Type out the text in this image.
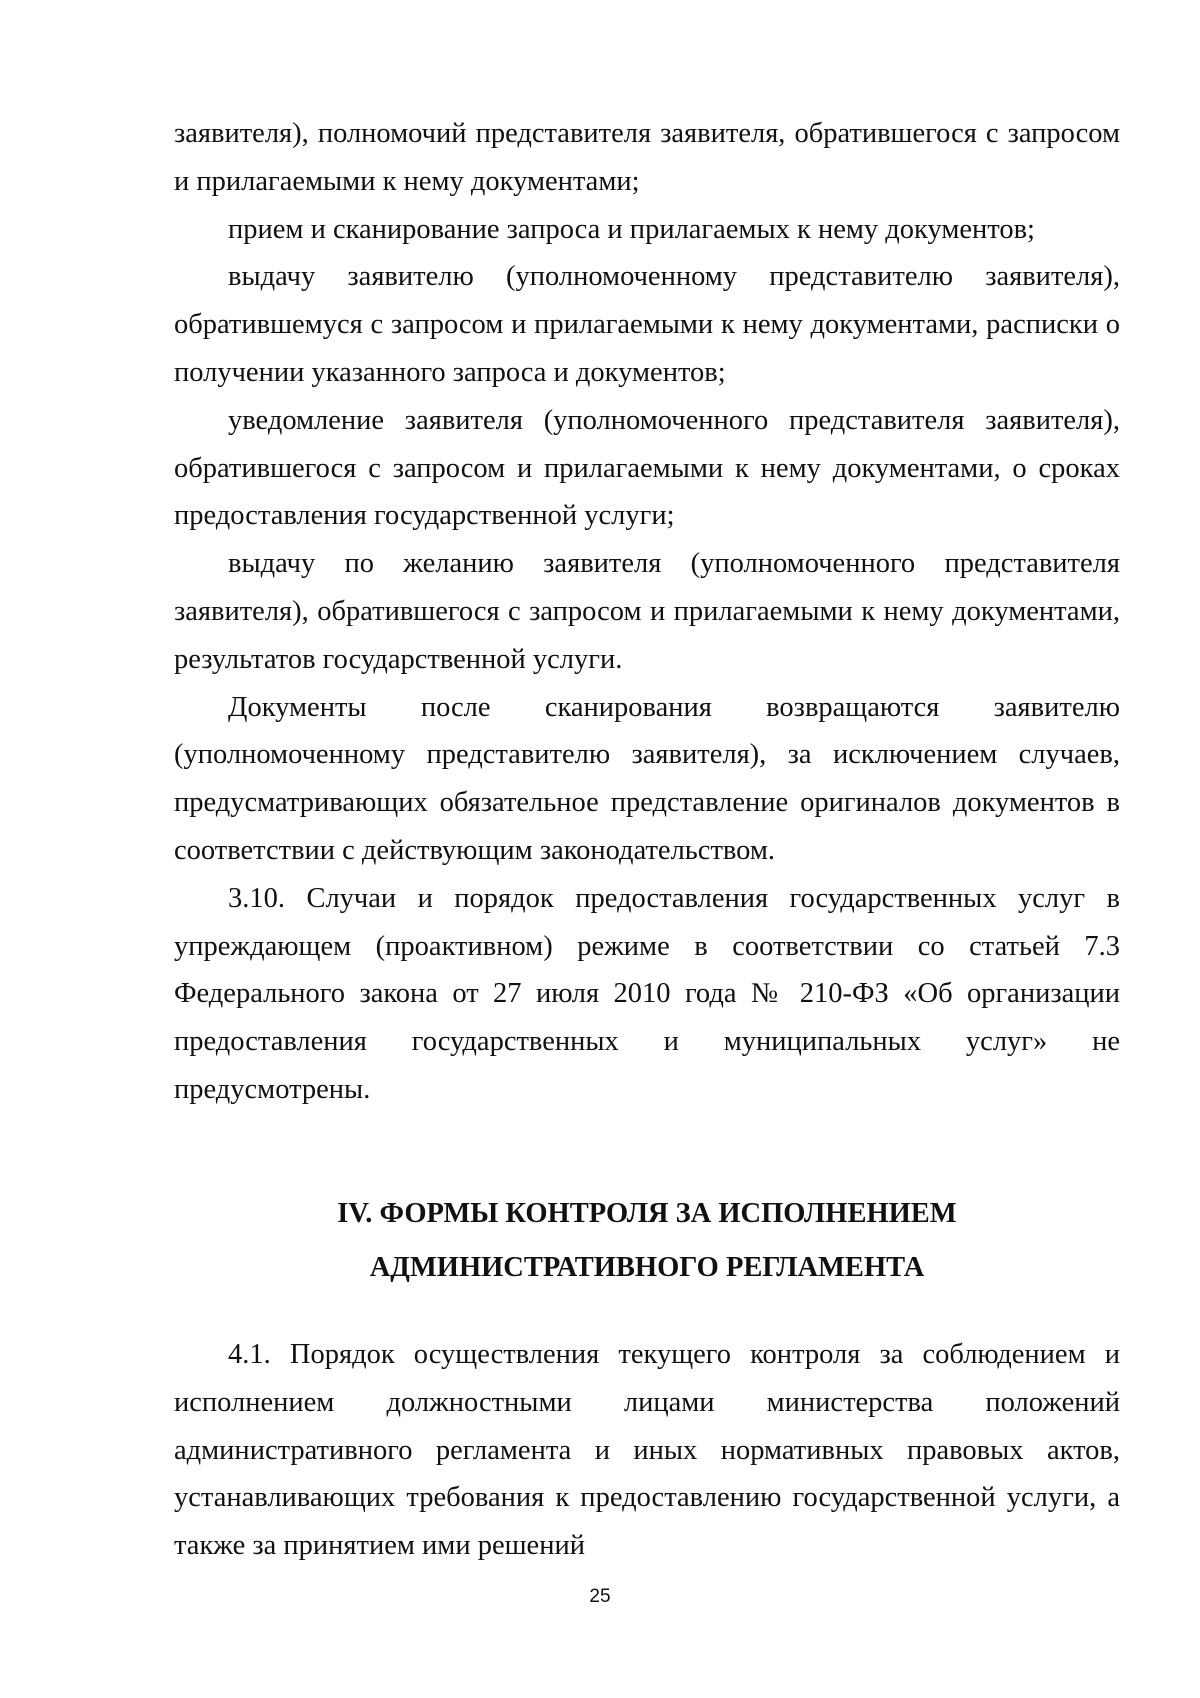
заявителя), полномочий представителя заявителя, обратившегося с запросом и прилагаемыми к нему документами;

прием и сканирование запроса и прилагаемых к нему документов;

выдачу заявителю (уполномоченному представителю заявителя), обратившемуся с запросом и прилагаемыми к нему документами, расписки о получении указанного запроса и документов;

уведомление заявителя (уполномоченного представителя заявителя), обратившегося с запросом и прилагаемыми к нему документами, о сроках предоставления государственной услуги;

выдачу по желанию заявителя (уполномоченного представителя заявителя), обратившегося с запросом и прилагаемыми к нему документами, результатов государственной услуги.

Документы после сканирования возвращаются заявителю (уполномоченному представителю заявителя), за исключением случаев, предусматривающих обязательное представление оригиналов документов в соответствии с действующим законодательством.

3.10. Случаи и порядок предоставления государственных услуг в упреждающем (проактивном) режиме в соответствии со статьей 7.3 Федерального закона от 27 июля 2010 года № 210-ФЗ «Об организации предоставления государственных и муниципальных услуг» не предусмотрены.

IV. ФОРМЫ КОНТРОЛЯ ЗА ИСПОЛНЕНИЕМ
АДМИНИСТРАТИВНОГО РЕГЛАМЕНТА

4.1. Порядок осуществления текущего контроля за соблюдением и исполнением должностными лицами министерства положений административного регламента и иных нормативных правовых актов, устанавливающих требования к предоставлению государственной услуги, а также за принятием ими решений

25
